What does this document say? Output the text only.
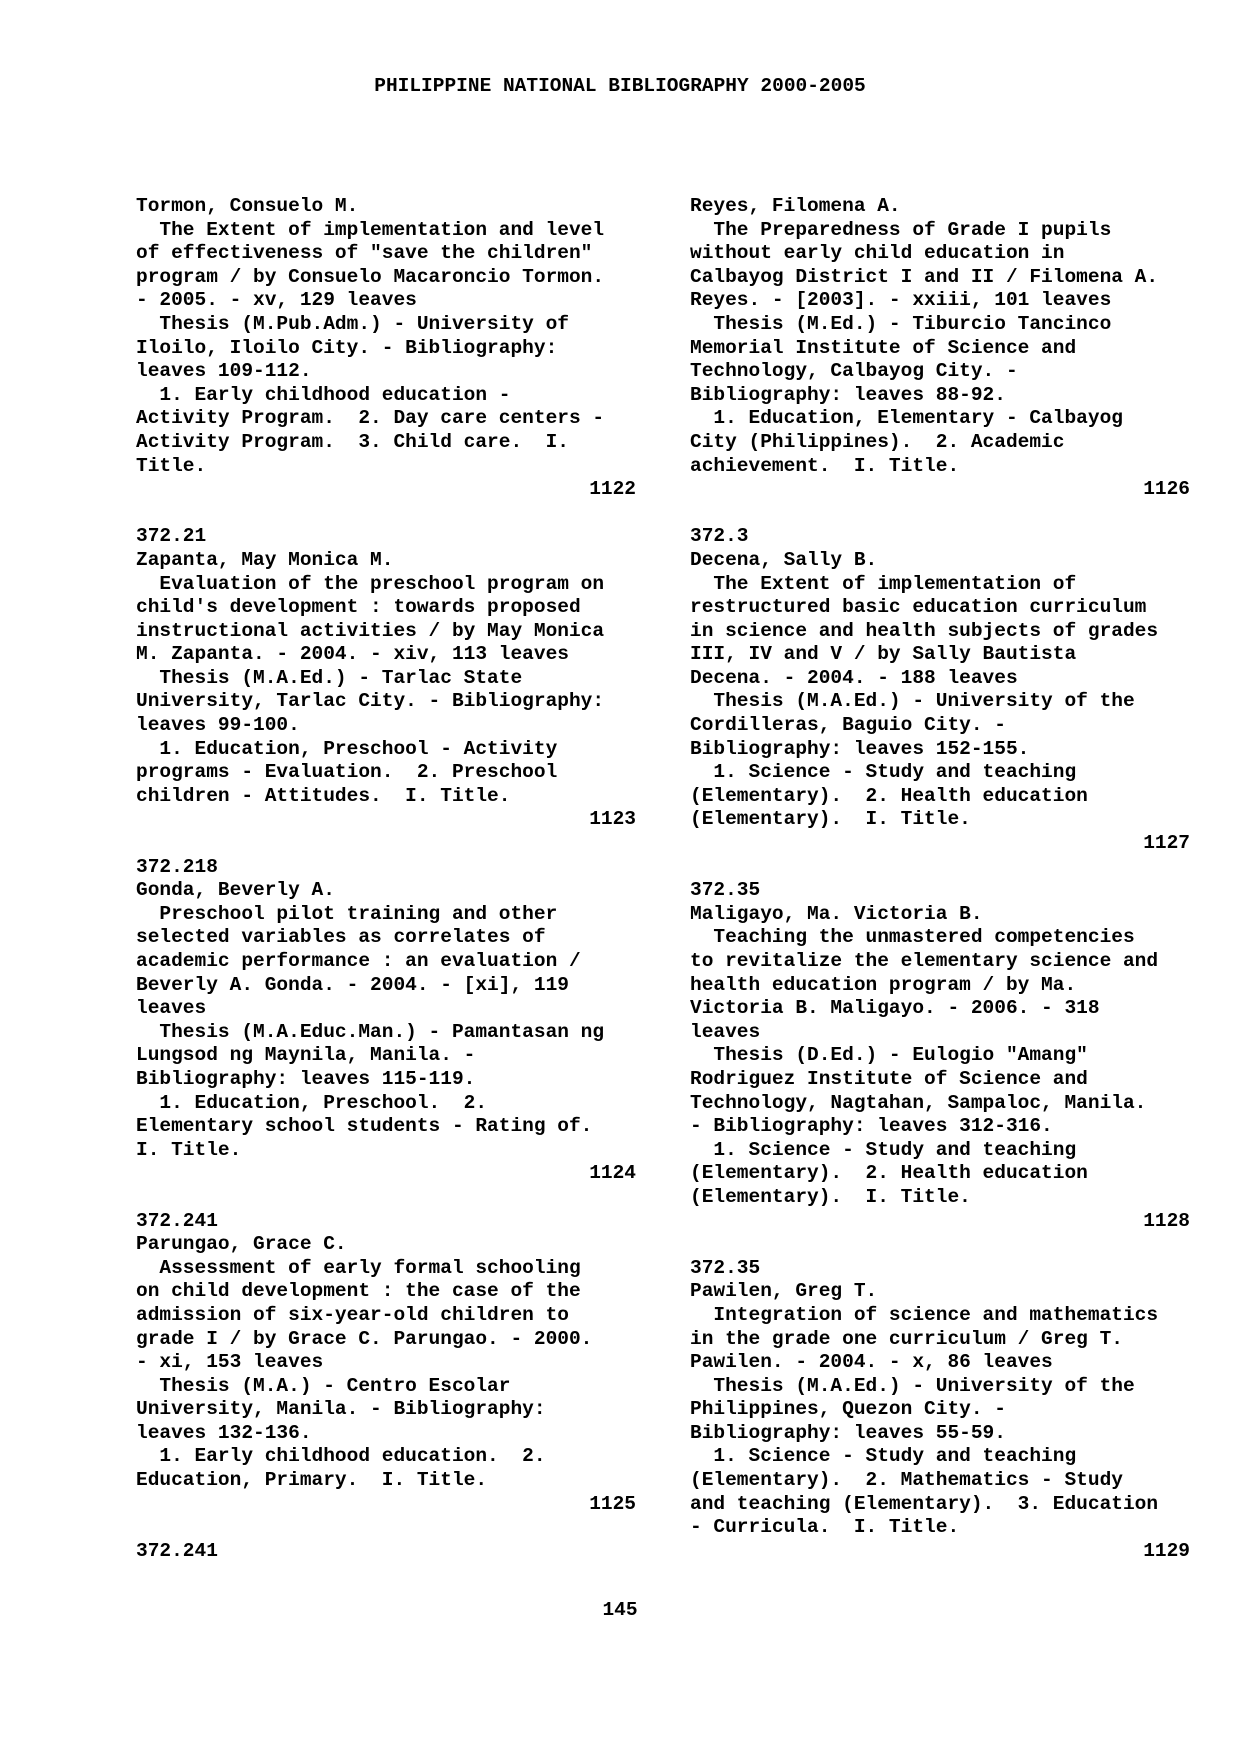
PHILIPPINE NATIONAL BIBLIOGRAPHY 2000-2005
Tormon, Consuelo M.
The Extent of implementation and level
of effectiveness of "save the children"
program / by Consuelo Macaroncio Tormon.
- 2005. - xv, 129 leaves
Thesis (M.Pub.Adm.) - University of
Iloilo, Iloilo City. - Bibliography:
leaves 109-112.
1. Early childhood education -
Activity Program.  2. Day care centers -
Activity Program.  3. Child care.  I.
Title.
1122
372.21
Zapanta, May Monica M.
Evaluation of the preschool program on
child's development : towards proposed
instructional activities / by May Monica
M. Zapanta. - 2004. - xiv, 113 leaves
Thesis (M.A.Ed.) - Tarlac State
University, Tarlac City. - Bibliography:
leaves 99-100.
1. Education, Preschool - Activity
programs - Evaluation.  2. Preschool
children - Attitudes.  I. Title.
1123
372.218
Gonda, Beverly A.
Preschool pilot training and other
selected variables as correlates of
academic performance : an evaluation /
Beverly A. Gonda. - 2004. - [xi], 119
leaves
Thesis (M.A.Educ.Man.) - Pamantasan ng
Lungsod ng Maynila, Manila. -
Bibliography: leaves 115-119.
1. Education, Preschool.  2.
Elementary school students - Rating of.
I. Title.
1124
372.241
Parungao, Grace C.
Assessment of early formal schooling
on child development : the case of the
admission of six-year-old children to
grade I / by Grace C. Parungao. - 2000.
- xi, 153 leaves
Thesis (M.A.) - Centro Escolar
University, Manila. - Bibliography:
leaves 132-136.
1. Early childhood education.  2.
Education, Primary.  I. Title.
1125
372.241
Reyes, Filomena A.
The Preparedness of Grade I pupils
without early child education in
Calbayog District I and II / Filomena A.
Reyes. - [2003]. - xxiii, 101 leaves
Thesis (M.Ed.) - Tiburcio Tancinco
Memorial Institute of Science and
Technology, Calbayog City. -
Bibliography: leaves 88-92.
1. Education, Elementary - Calbayog
City (Philippines).  2. Academic
achievement.  I. Title.
1126
372.3
Decena, Sally B.
The Extent of implementation of
restructured basic education curriculum
in science and health subjects of grades
III, IV and V / by Sally Bautista
Decena. - 2004. - 188 leaves
Thesis (M.A.Ed.) - University of the
Cordilleras, Baguio City. -
Bibliography: leaves 152-155.
1. Science - Study and teaching
(Elementary).  2. Health education
(Elementary).  I. Title.
1127
372.35
Maligayo, Ma. Victoria B.
Teaching the unmastered competencies
to revitalize the elementary science and
health education program / by Ma.
Victoria B. Maligayo. - 2006. - 318
leaves
Thesis (D.Ed.) - Eulogio "Amang"
Rodriguez Institute of Science and
Technology, Nagtahan, Sampaloc, Manila.
- Bibliography: leaves 312-316.
1. Science - Study and teaching
(Elementary).  2. Health education
(Elementary).  I. Title.
1128
372.35
Pawilen, Greg T.
Integration of science and mathematics
in the grade one curriculum / Greg T.
Pawilen. - 2004. - x, 86 leaves
Thesis (M.A.Ed.) - University of the
Philippines, Quezon City. -
Bibliography: leaves 55-59.
1. Science - Study and teaching
(Elementary).  2. Mathematics - Study
and teaching (Elementary).  3. Education
- Curricula.  I. Title.
1129
145
